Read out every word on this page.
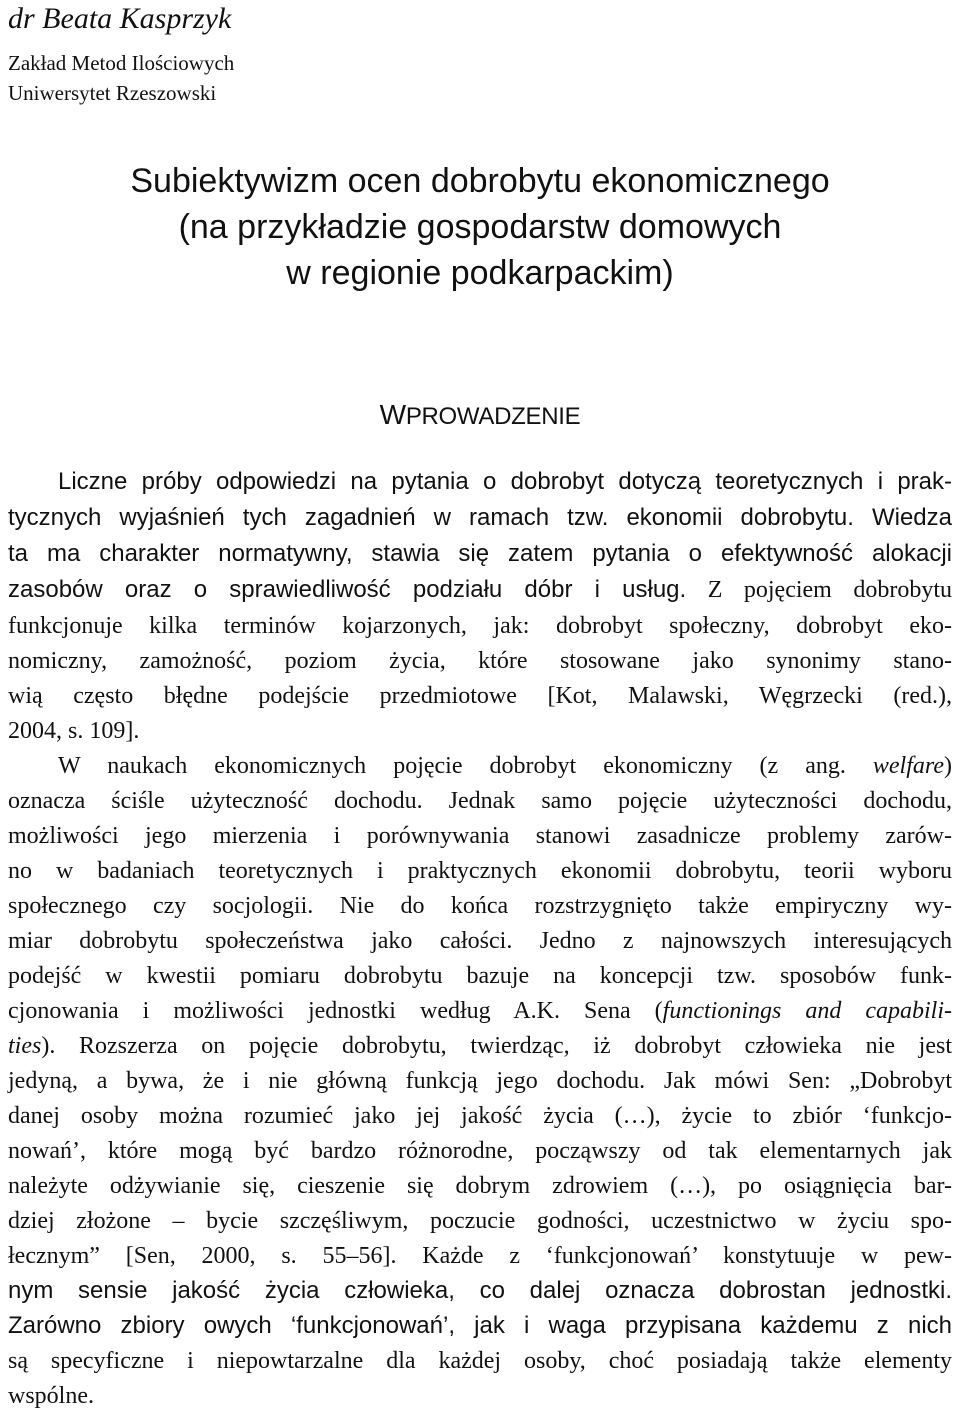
dr Beata Kasprzyk
Zakład Metod Ilościowych
Uniwersytet Rzeszowski
Subiektywizm ocen dobrobytu ekonomicznego
(na przykładzie gospodarstw domowych
w regionie podkarpackim)
WPROWADZENIE
Liczne próby odpowiedzi na pytania o dobrobyt dotyczą teoretycznych i prak-
tycznych wyjaśnień tych zagadnień w ramach tzw. ekonomii dobrobytu. Wiedza
ta ma charakter normatywny, stawia się zatem pytania o efektywność alokacji
zasobów oraz o sprawiedliwość podziału dóbr i usług. Z pojęciem dobrobytu
funkcjonuje kilka terminów kojarzonych, jak: dobrobyt społeczny, dobrobyt eko-
nomiczny, zamożność, poziom życia, które stosowane jako synonimy stano-
wią często błędne podejście przedmiotowe [Kot, Malawski, Węgrzecki (red.),
2004, s. 109].
W naukach ekonomicznych pojęcie dobrobyt ekonomiczny (z ang. welfare)
oznacza ściśle użyteczność dochodu. Jednak samo pojęcie użyteczności dochodu,
możliwości jego mierzenia i porównywania stanowi zasadnicze problemy zarów-
no w badaniach teoretycznych i praktycznych ekonomii dobrobytu, teorii wyboru
społecznego czy socjologii. Nie do końca rozstrzygnięto także empiryczny wy-
miar dobrobytu społeczeństwa jako całości. Jedno z najnowszych interesujących
podejść w kwestii pomiaru dobrobytu bazuje na koncepcji tzw. sposobów funk-
cjonowania i możliwości jednostki według A.K. Sena (functionings and capabili-
ties). Rozszerza on pojęcie dobrobytu, twierdząc, iż dobrobyt człowieka nie jest
jedyną, a bywa, że i nie główną funkcją jego dochodu. Jak mówi Sen: „Dobrobyt
danej osoby można rozumieć jako jej jakość życia (…), życie to zbiór ‘funkcjo-
nowań’, które mogą być bardzo różnorodne, począwszy od tak elementarnych jak
należyte odżywianie się, cieszenie się dobrym zdrowiem (…), po osiągnięcia bar-
dziej złożone – bycie szczęśliwym, poczucie godności, uczestnictwo w życiu spo-
łecznym” [Sen, 2000, s. 55–56]. Każde z ‘funkcjonowań’ konstytuuje w pew-
nym sensie jakość życia człowieka, co dalej oznacza dobrostan jednostki.
Zarówno zbiory owych ‘funkcjonowań’, jak i waga przypisana każdemu z nich
są specyficzne i niepowtarzalne dla każdej osoby, choć posiadają także elementy
wspólne.
